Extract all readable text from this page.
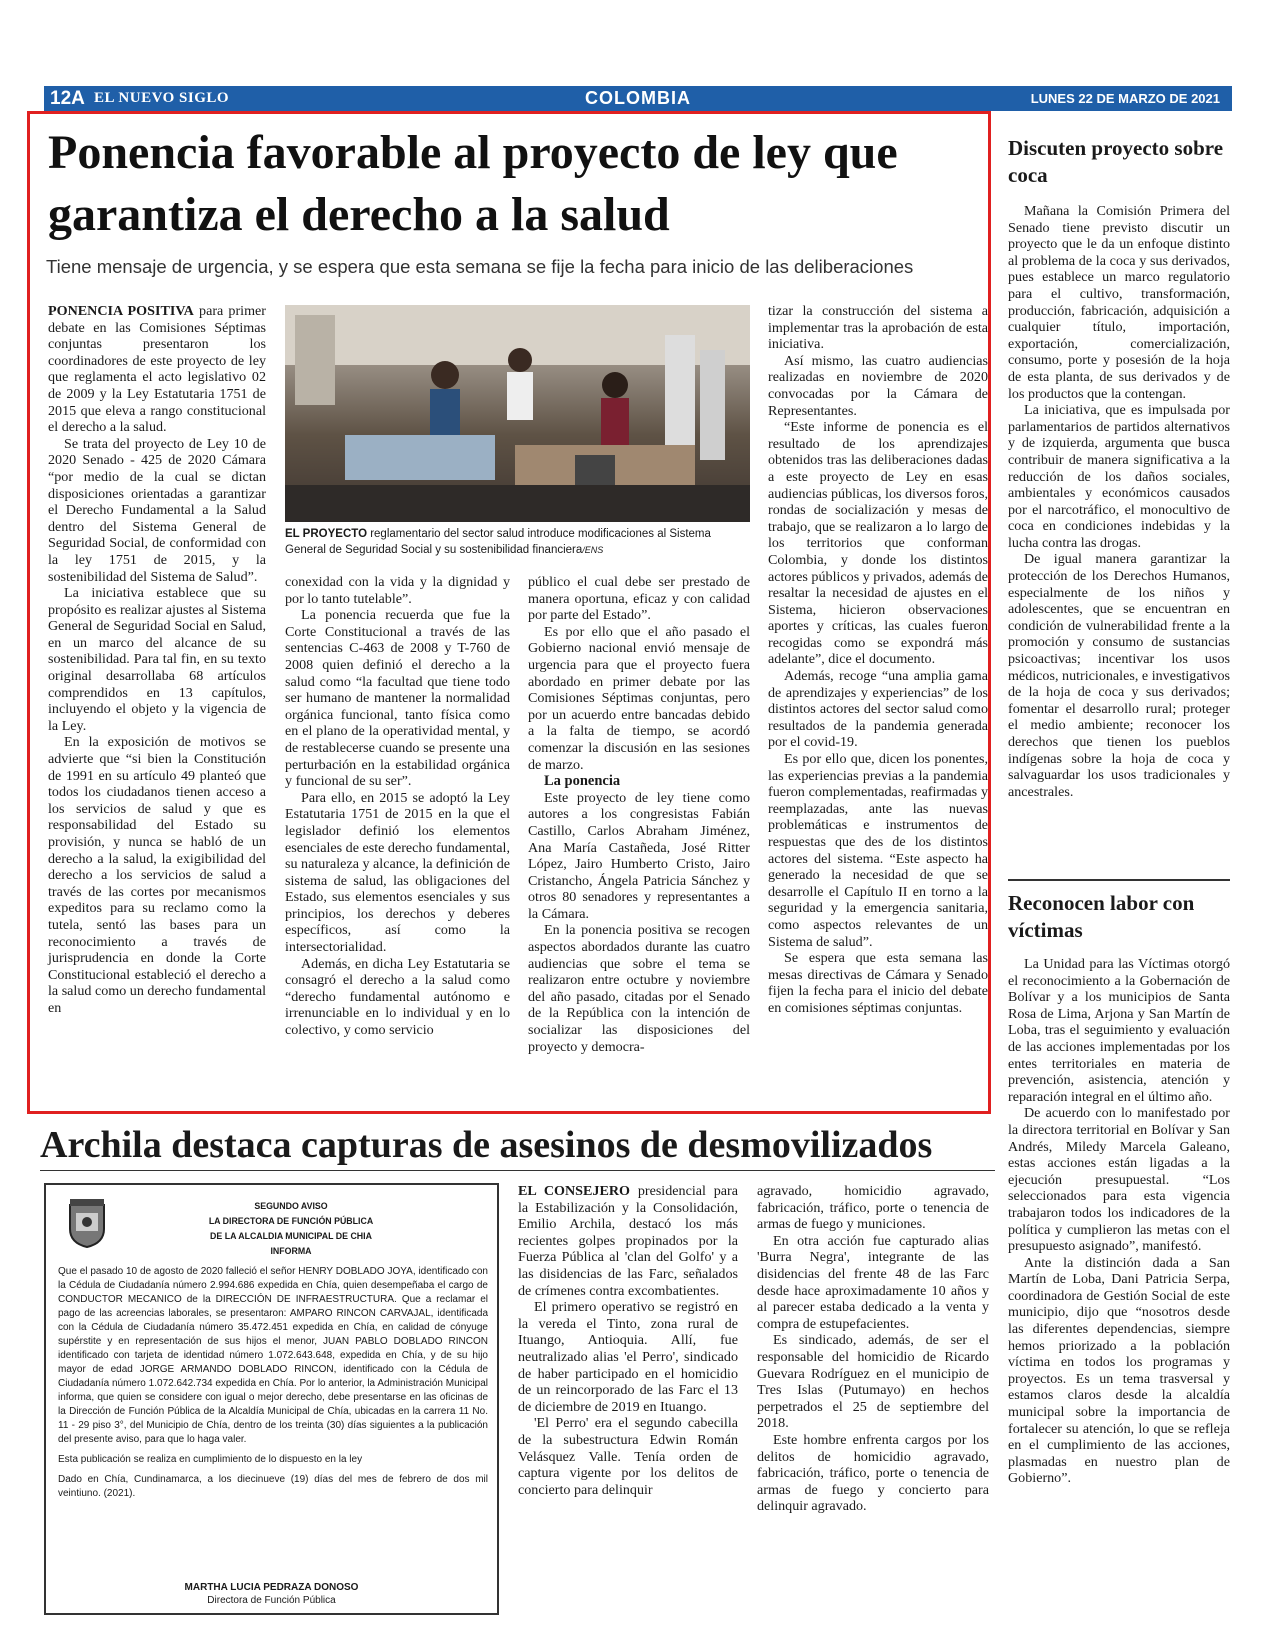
12A EL NUEVO SIGLO	COLOMBIA	LUNES 22 DE MARZO DE 2021
Ponencia favorable al proyecto de ley que garantiza el derecho a la salud
Tiene mensaje de urgencia, y se espera que esta semana se fije la fecha para inicio de las deliberaciones

PONENCIA POSITIVA para primer debate en las Comisiones Séptimas conjuntas presentaron los coordinadores de este proyecto de ley que reglamenta el acto legislativo 02 de 2009 y la Ley Estatutaria 1751 de 2015 que eleva a rango constitucional el derecho a la salud.

Se trata del proyecto de Ley 10 de 2020 Senado - 425 de 2020 Cámara “por medio de la cual se dictan disposiciones orientadas a garantizar el Derecho Fundamental a la Salud dentro del Sistema General de Seguridad Social, de conformidad con la ley 1751 de 2015, y la sostenibilidad del Sistema de Salud”.

La iniciativa establece que su propósito es realizar ajustes al Sistema General de Seguridad Social en Salud, en un marco del alcance de su sostenibilidad. Para tal fin, en su texto original desarrollaba 68 artículos comprendidos en 13 capítulos, incluyendo el objeto y la vigencia de la Ley.

En la exposición de motivos se advierte que “si bien la Constitución de 1991 en su artículo 49 planteó que todos los ciudadanos tienen acceso a los servicios de salud y que es responsabilidad del Estado su provisión, y nunca se habló de un derecho a la salud, la exigibilidad del derecho a los servicios de salud a través de las cortes por mecanismos expeditos para su reclamo como la tutela, sentó las bases para un reconocimiento a través de jurisprudencia en donde la Corte Constitucional estableció el derecho a la salud como un derecho fundamental en

EL PROYECTO reglamentario del sector salud introduce modificaciones al Sistema General de Seguridad Social y su sostenibilidad financiera/ENS

conexidad con la vida y la dignidad y por lo tanto tutelable”.

La ponencia recuerda que fue la Corte Constitucional a través de las sentencias C-463 de 2008 y T-760 de 2008 quien definió el derecho a la salud como “la facultad que tiene todo ser humano de mantener la normalidad orgánica funcional, tanto física como en el plano de la operatividad mental, y de restablecerse cuando se presente una perturbación en la estabilidad orgánica y funcional de su ser”.

Para ello, en 2015 se adoptó la Ley Estatutaria 1751 de 2015 en la que el legislador definió los elementos esenciales de este derecho fundamental, su naturaleza y alcance, la definición de sistema de salud, las obligaciones del Estado, sus elementos esenciales y sus principios, los derechos y deberes específicos, así como la intersectorialidad.

Además, en dicha Ley Estatutaria se consagró el derecho a la salud como “derecho fundamental autónomo e irrenunciable en lo individual y en lo colectivo, y como servicio

público el cual debe ser prestado de manera oportuna, eficaz y con calidad por parte del Estado”.

Es por ello que el año pasado el Gobierno nacional envió mensaje de urgencia para que el proyecto fuera abordado en primer debate por las Comisiones Séptimas conjuntas, pero por un acuerdo entre bancadas debido a la falta de tiempo, se acordó comenzar la discusión en las sesiones de marzo.

La ponencia

Este proyecto de ley tiene como autores a los congresistas Fabián Castillo, Carlos Abraham Jiménez, Ana María Castañeda, José Ritter López, Jairo Humberto Cristo, Jairo Cristancho, Ángela Patricia Sánchez y otros 80 senadores y representantes a la Cámara.

En la ponencia positiva se recogen aspectos abordados durante las cuatro audiencias que sobre el tema se realizaron entre octubre y noviembre del año pasado, citadas por el Senado de la República con la intención de socializar las disposiciones del proyecto y democra-

tizar la construcción del sistema a implementar tras la aprobación de esta iniciativa.

Así mismo, las cuatro audiencias realizadas en noviembre de 2020 convocadas por la Cámara de Representantes.

“Este informe de ponencia es el resultado de los aprendizajes obtenidos tras las deliberaciones dadas a este proyecto de Ley en esas audiencias públicas, los diversos foros, rondas de socialización y mesas de trabajo, que se realizaron a lo largo de los territorios que conforman Colombia, y donde los distintos actores públicos y privados, además de resaltar la necesidad de ajustes en el Sistema, hicieron observaciones aportes y críticas, las cuales fueron recogidas como se expondrá más adelante”, dice el documento.

Además, recoge “una amplia gama de aprendizajes y experiencias” de los distintos actores del sector salud como resultados de la pandemia generada por el covid-19.

Es por ello que, dicen los ponentes, las experiencias previas a la pandemia fueron complementadas, reafirmadas y reemplazadas, ante las nuevas problemáticas e instrumentos de respuestas que des de los distintos actores del sistema. “Este aspecto ha generado la necesidad de que se desarrolle el Capítulo II en torno a la seguridad y la emergencia sanitaria, como aspectos relevantes de un Sistema de salud”.

Se espera que esta semana las mesas directivas de Cámara y Senado fijen la fecha para el inicio del debate en comisiones séptimas conjuntas.

Discuten proyecto sobre coca

Mañana la Comisión Primera del Senado tiene previsto discutir un proyecto que le da un enfoque distinto al problema de la coca y sus derivados, pues establece un marco regulatorio para el cultivo, transformación, producción, fabricación, adquisición a cualquier título, importación, exportación, comercialización, consumo, porte y posesión de la hoja de esta planta, de sus derivados y de los productos que la contengan.

La iniciativa, que es impulsada por parlamentarios de partidos alternativos y de izquierda, argumenta que busca contribuir de manera significativa a la reducción de los daños sociales, ambientales y económicos causados por el narcotráfico, el monocultivo de coca en condiciones indebidas y la lucha contra las drogas.

De igual manera garantizar la protección de los Derechos Humanos, especialmente de los niños y adolescentes, que se encuentran en condición de vulnerabilidad frente a la promoción y consumo de sustancias psicoactivas; incentivar los usos médicos, nutricionales, e investigativos de la hoja de coca y sus derivados; fomentar el desarrollo rural; proteger el medio ambiente; reconocer los derechos que tienen los pueblos indígenas sobre la hoja de coca y salvaguardar los usos tradicionales y ancestrales.

Reconocen labor con víctimas

La Unidad para las Víctimas otorgó el reconocimiento a la Gobernación de Bolívar y a los municipios de Santa Rosa de Lima, Arjona y San Martín de Loba, tras el seguimiento y evaluación de las acciones implementadas por los entes territoriales en materia de prevención, asistencia, atención y reparación integral en el último año.

De acuerdo con lo manifestado por la directora territorial en Bolívar y San Andrés, Miledy Marcela Galeano, estas acciones están ligadas a la ejecución presupuestal. “Los seleccionados para esta vigencia trabajaron todos los indicadores de la política y cumplieron las metas con el presupuesto asignado”, manifestó.

Ante la distinción dada a San Martín de Loba, Dani Patricia Serpa, coordinadora de Gestión Social de este municipio, dijo que “nosotros desde las diferentes dependencias, siempre hemos priorizado a la población víctima en todos los programas y proyectos. Es un tema trasversal y estamos claros desde la alcaldía municipal sobre la importancia de fortalecer su atención, lo que se refleja en el cumplimiento de las acciones, plasmadas en nuestro plan de Gobierno”.

Archila destaca capturas de asesinos de desmovilizados
SEGUNDO AVISO
LA DIRECTORA DE FUNCIÓN PÚBLICA
DE LA ALCALDIA MUNICIPAL DE CHIA
INFORMA

Que el pasado 10 de agosto de 2020 falleció el señor HENRY DOBLADO JOYA, identificado con la Cédula de Ciudadanía número 2.994.686 expedida en Chía, quien desempeñaba el cargo de CONDUCTOR MECANICO de la DIRECCIÓN DE INFRAESTRUCTURA. Que a reclamar el pago de las acreencias laborales, se presentaron: AMPARO RINCON CARVAJAL, identificada con la Cédula de Ciudadanía número 35.472.451 expedida en Chía, en calidad de cónyuge supérstite y en representación de sus hijos el menor, JUAN PABLO DOBLADO RINCON identificado con tarjeta de identidad número 1.072.643.648, expedida en Chía, y de su hijo mayor de edad JORGE ARMANDO DOBLADO RINCON, identificado con la Cédula de Ciudadanía número 1.072.642.734 expedida en Chía. Por lo anterior, la Administración Municipal informa, que quien se considere con igual o mejor derecho, debe presentarse en las oficinas de la Dirección de Función Pública de la Alcaldía Municipal de Chía, ubicadas en la carrera 11 No. 11 - 29 piso 3°, del Municipio de Chía, dentro de los treinta (30) días siguientes a la publicación del presente aviso, para que lo haga valer.

Esta publicación se realiza en cumplimiento de lo dispuesto en la ley

Dado en Chía, Cundinamarca, a los diecinueve (19) días del mes de febrero de dos mil veintiuno. (2021).

MARTHA LUCIA PEDRAZA DONOSO
Directora de Función Pública

EL CONSEJERO presidencial para la Estabilización y la Consolidación, Emilio Archila, destacó los más recientes golpes propinados por la Fuerza Pública al 'clan del Golfo' y a las disidencias de las Farc, señalados de crímenes contra excombatientes.

El primero operativo se registró en la vereda el Tinto, zona rural de Ituango, Antioquia. Allí, fue neutralizado alias 'el Perro', sindicado de haber participado en el homicidio de un reincorporado de las Farc el 13 de diciembre de 2019 en Ituango.

'El Perro' era el segundo cabecilla de la subestructura Edwin Román Velásquez Valle. Tenía orden de captura vigente por los delitos de concierto para delinquir

agravado, homicidio agravado, fabricación, tráfico, porte o tenencia de armas de fuego y municiones.

En otra acción fue capturado alias 'Burra Negra', integrante de las disidencias del frente 48 de las Farc desde hace aproximadamente 10 años y al parecer estaba dedicado a la venta y compra de estupefacientes.

Es sindicado, además, de ser el responsable del homicidio de Ricardo Guevara Rodríguez en el municipio de Tres Islas (Putumayo) en hechos perpetrados el 25 de septiembre del 2018.

Este hombre enfrenta cargos por los delitos de homicidio agravado, fabricación, tráfico, porte o tenencia de armas de fuego y concierto para delinquir agravado.
